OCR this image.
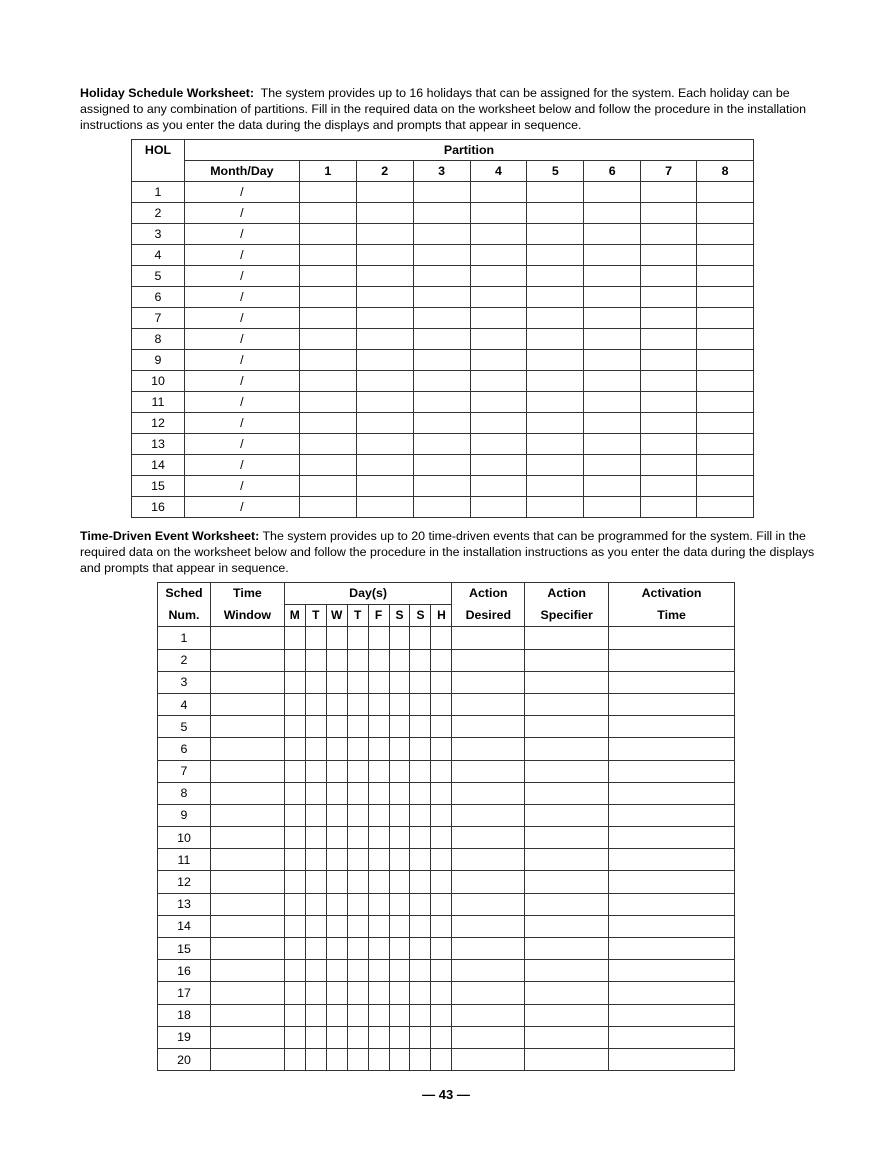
Holiday Schedule Worksheet: The system provides up to 16 holidays that can be assigned for the system. Each holiday can be assigned to any combination of partitions. Fill in the required data on the worksheet below and follow the procedure in the installation instructions as you enter the data during the displays and prompts that appear in sequence.
HOL	Partition								
	Month/Day	1	2	3	4	5	6	7	8
1	/								
2	/								
3	/								
4	/								
5	/								
6	/								
7	/								
8	/								
9	/								
10	/								
11	/								
12	/								
13	/								
14	/								
15	/								
16	/								
Time-Driven Event Worksheet: The system provides up to 20 time-driven events that can be programmed for the system. Fill in the required data on the worksheet below and follow the procedure in the installation instructions as you enter the data during the displays and prompts that appear in sequence.
Sched	Time	Day(s)								Action	Action	Activation
Num.	Window	M	T	W	T	F	S	S	H	Desired	Specifier	Time
1												
2												
3												
4												
5												
6												
7												
8												
9												
10												
11												
12												
13												
14												
15												
16												
17												
18												
19												
20												
— 43 —
